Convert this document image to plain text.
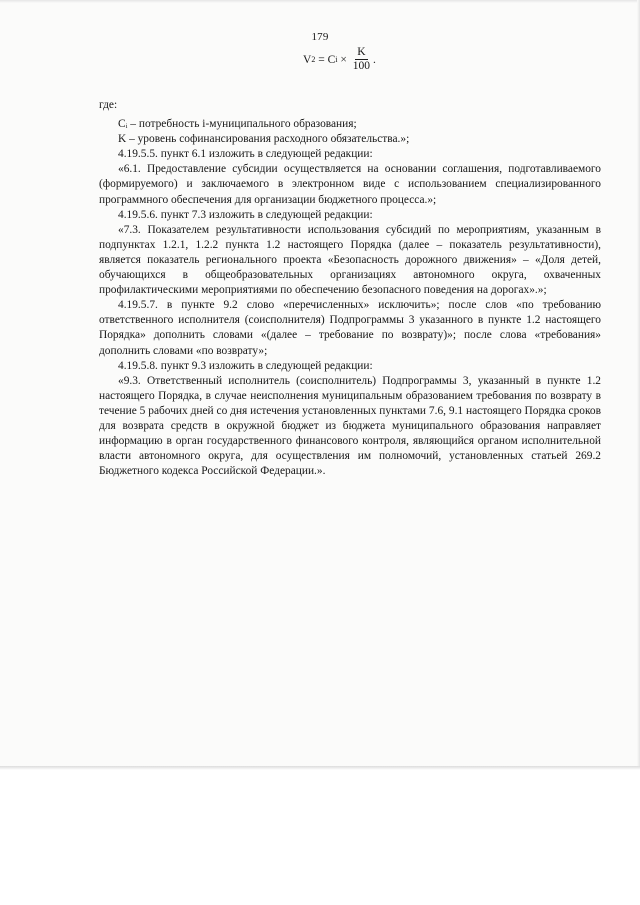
179
V 2 = C $i \times \frac{K}{100}$ .

где:

Cᵢ – потребность i-муниципального образования;

K – уровень софинансирования расходного обязательства.»;

4.19.5.5. пункт 6.1 изложить в следующей редакции:

«6.1. Предоставление субсидии осуществляется на основании соглашения, подготавливаемого (формируемого) и заключаемого в электронном виде с использованием специализированного программного обеспечения для организации бюджетного процесса.»;

4.19.5.6. пункт 7.3 изложить в следующей редакции:

«7.3. Показателем результативности использования субсидий по мероприятиям, указанным в подпунктах 1.2.1, 1.2.2 пункта 1.2 настоящего Порядка (далее – показатель результативности), является показатель регионального проекта «Безопасность дорожного движения» – «Доля детей, обучающихся в общеобразовательных организациях автономного округа, охваченных профилактическими мероприятиями по обеспечению безопасного поведения на дорогах».»;

4.19.5.7. в пункте 9.2 слово «перечисленных» исключить»; после слов «по требованию ответственного исполнителя (соисполнителя) Подпрограммы 3 указанного в пункте 1.2 настоящего Порядка» дополнить словами «(далее – требование по возврату)»; после слова «требования» дополнить словами «по возврату»;

4.19.5.8. пункт 9.3 изложить в следующей редакции:

«9.3. Ответственный исполнитель (соисполнитель) Подпрограммы 3, указанный в пункте 1.2 настоящего Порядка, в случае неисполнения муниципальным образованием требования по возврату в течение 5 рабочих дней со дня истечения установленных пунктами 7.6, 9.1 настоящего Порядка сроков для возврата средств в окружной бюджет из бюджета муниципального образования направляет информацию в орган государственного финансового контроля, являющийся органом исполнительной власти автономного округа, для осуществления им полномочий, установленных статьей 269.2 Бюджетного кодекса Российской Федерации.».
